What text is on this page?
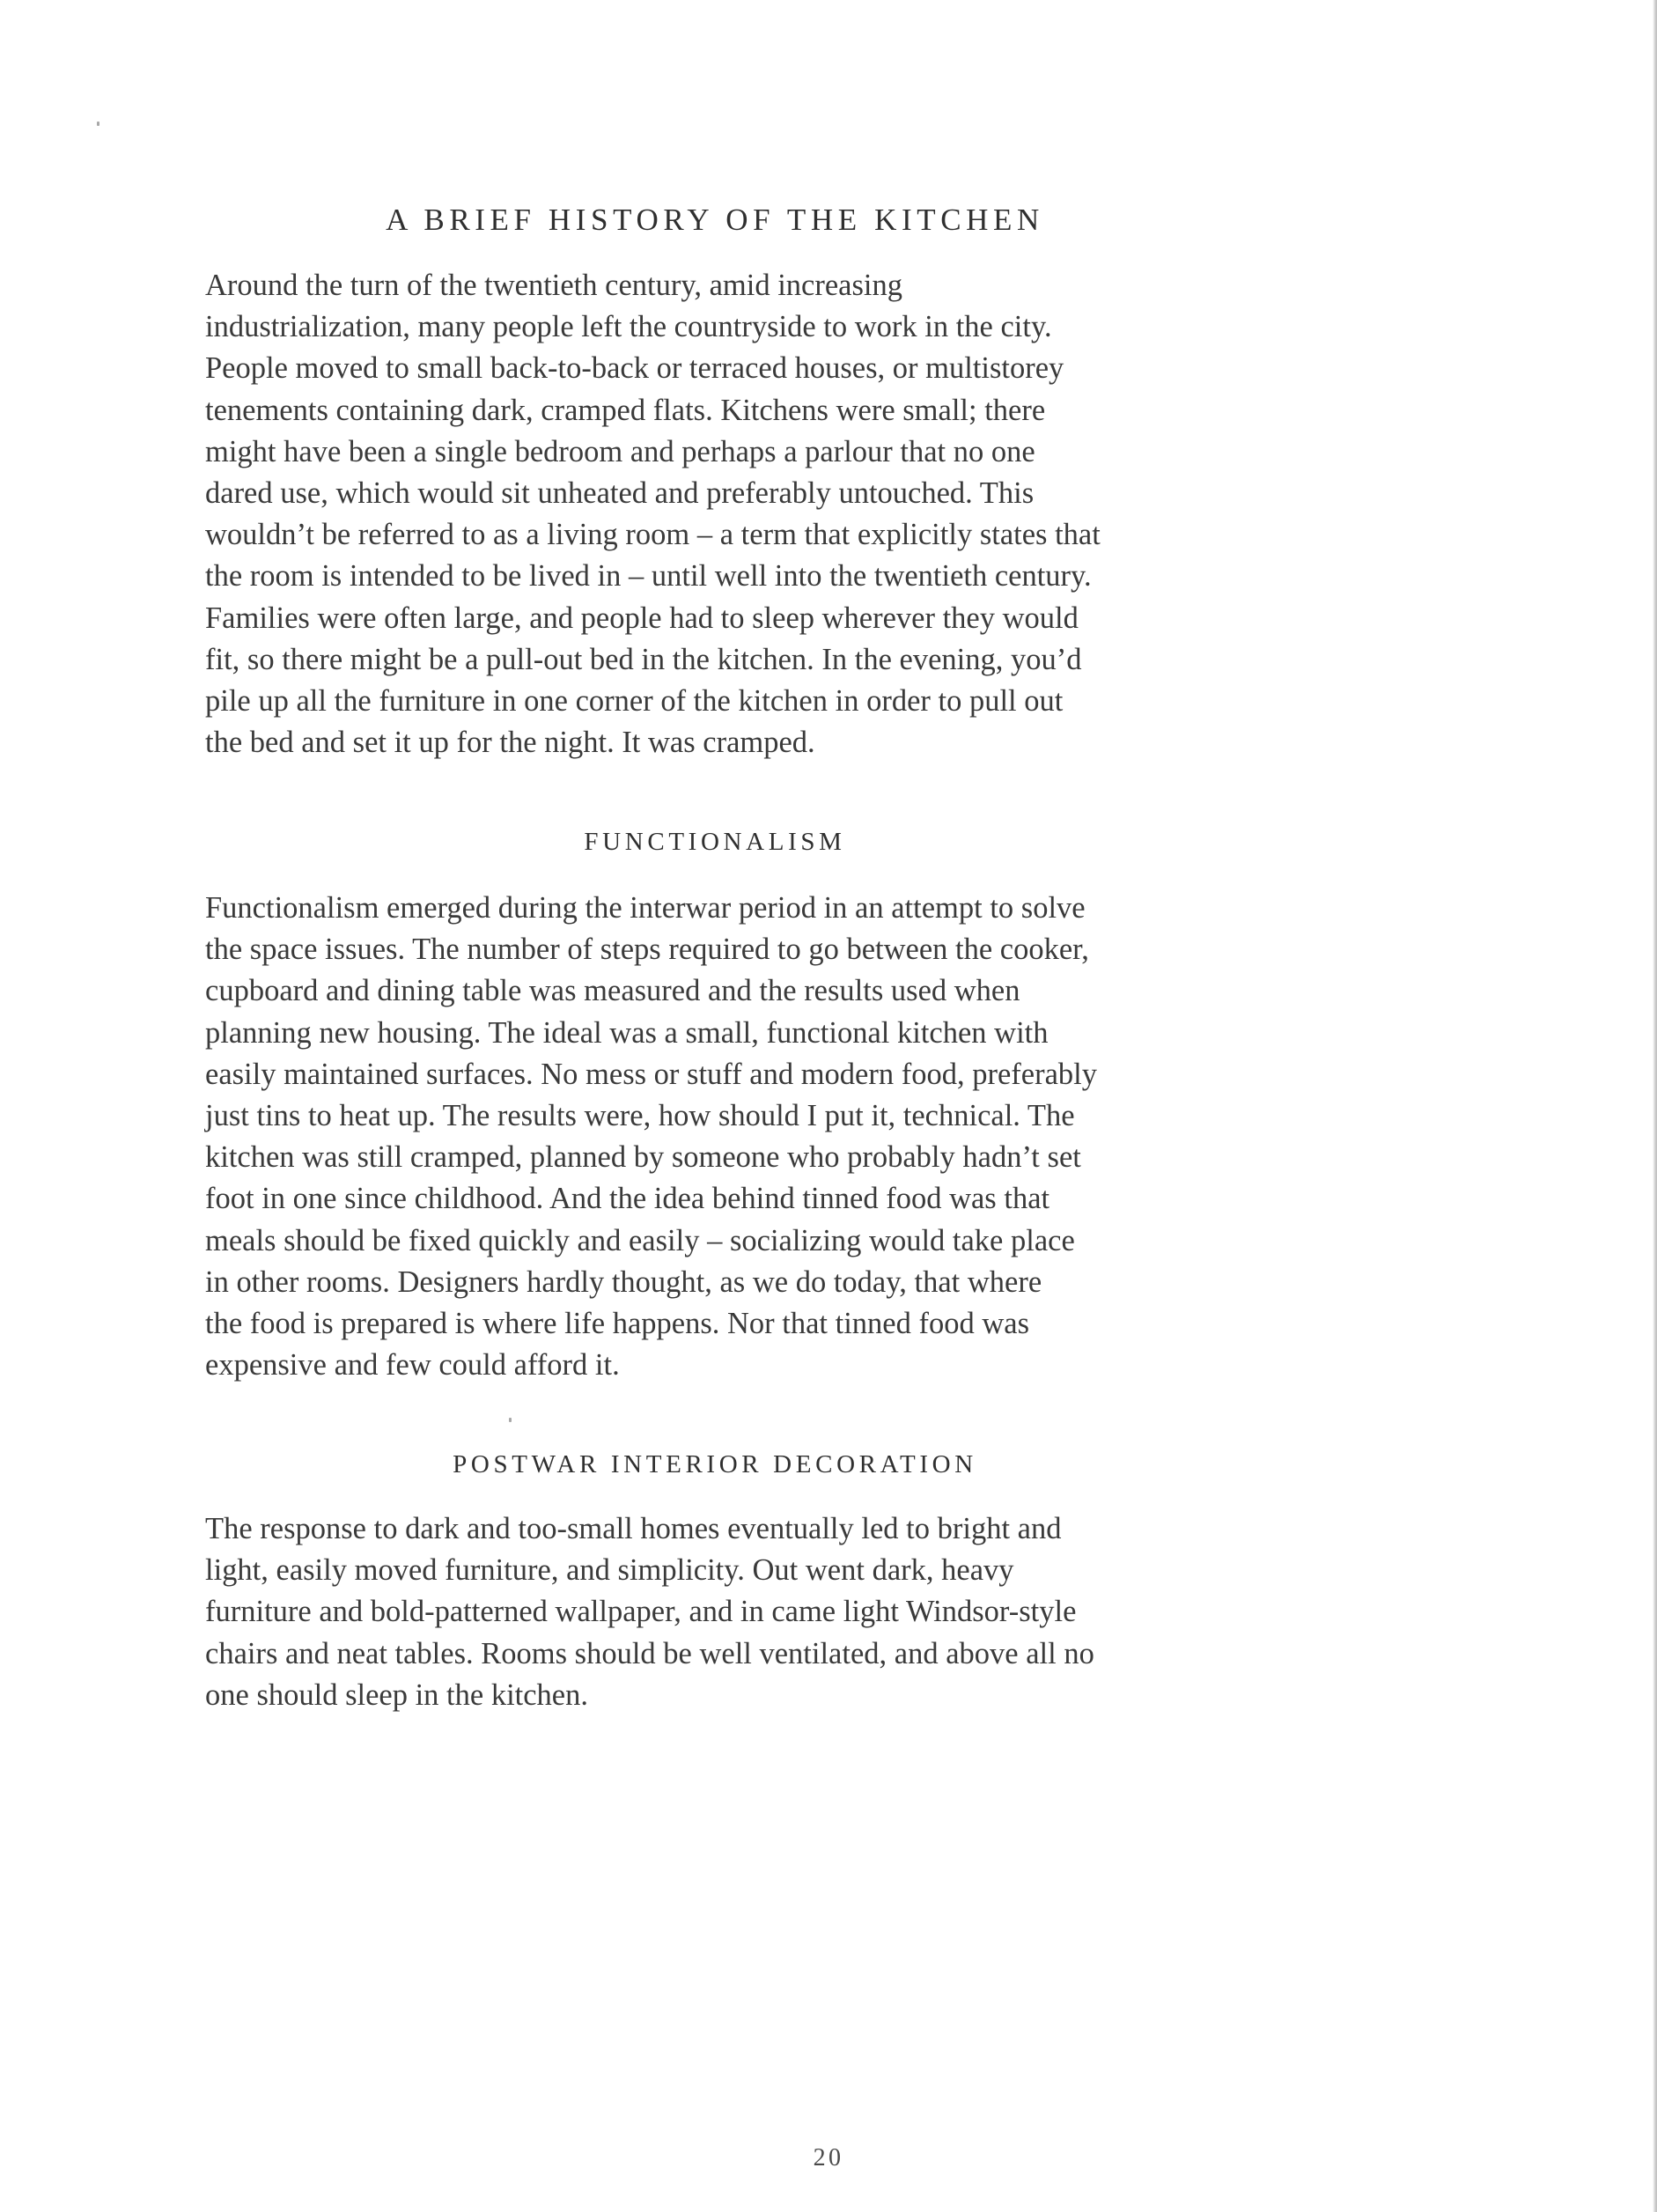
A BRIEF HISTORY OF THE KITCHEN

Around the turn of the twentieth century, amid increasing
industrialization, many people left the countryside to work in the city.
People moved to small back-to-back or terraced houses, or multistorey
tenements containing dark, cramped flats. Kitchens were small; there
might have been a single bedroom and perhaps a parlour that no one
dared use, which would sit unheated and preferably untouched. This
wouldn’t be referred to as a living room – a term that explicitly states that
the room is intended to be lived in – until well into the twentieth century.
Families were often large, and people had to sleep wherever they would
fit, so there might be a pull-out bed in the kitchen. In the evening, you’d
pile up all the furniture in one corner of the kitchen in order to pull out
the bed and set it up for the night. It was cramped.

FUNCTIONALISM

Functionalism emerged during the interwar period in an attempt to solve
the space issues. The number of steps required to go between the cooker,
cupboard and dining table was measured and the results used when
planning new housing. The ideal was a small, functional kitchen with
easily maintained surfaces. No mess or stuff and modern food, preferably
just tins to heat up. The results were, how should I put it, technical. The
kitchen was still cramped, planned by someone who probably hadn’t set
foot in one since childhood. And the idea behind tinned food was that
meals should be fixed quickly and easily – socializing would take place
in other rooms. Designers hardly thought, as we do today, that where
the food is prepared is where life happens. Nor that tinned food was
expensive and few could afford it.

POSTWAR INTERIOR DECORATION

The response to dark and too-small homes eventually led to bright and
light, easily moved furniture, and simplicity. Out went dark, heavy
furniture and bold-patterned wallpaper, and in came light Windsor-style
chairs and neat tables. Rooms should be well ventilated, and above all no
one should sleep in the kitchen.

20
